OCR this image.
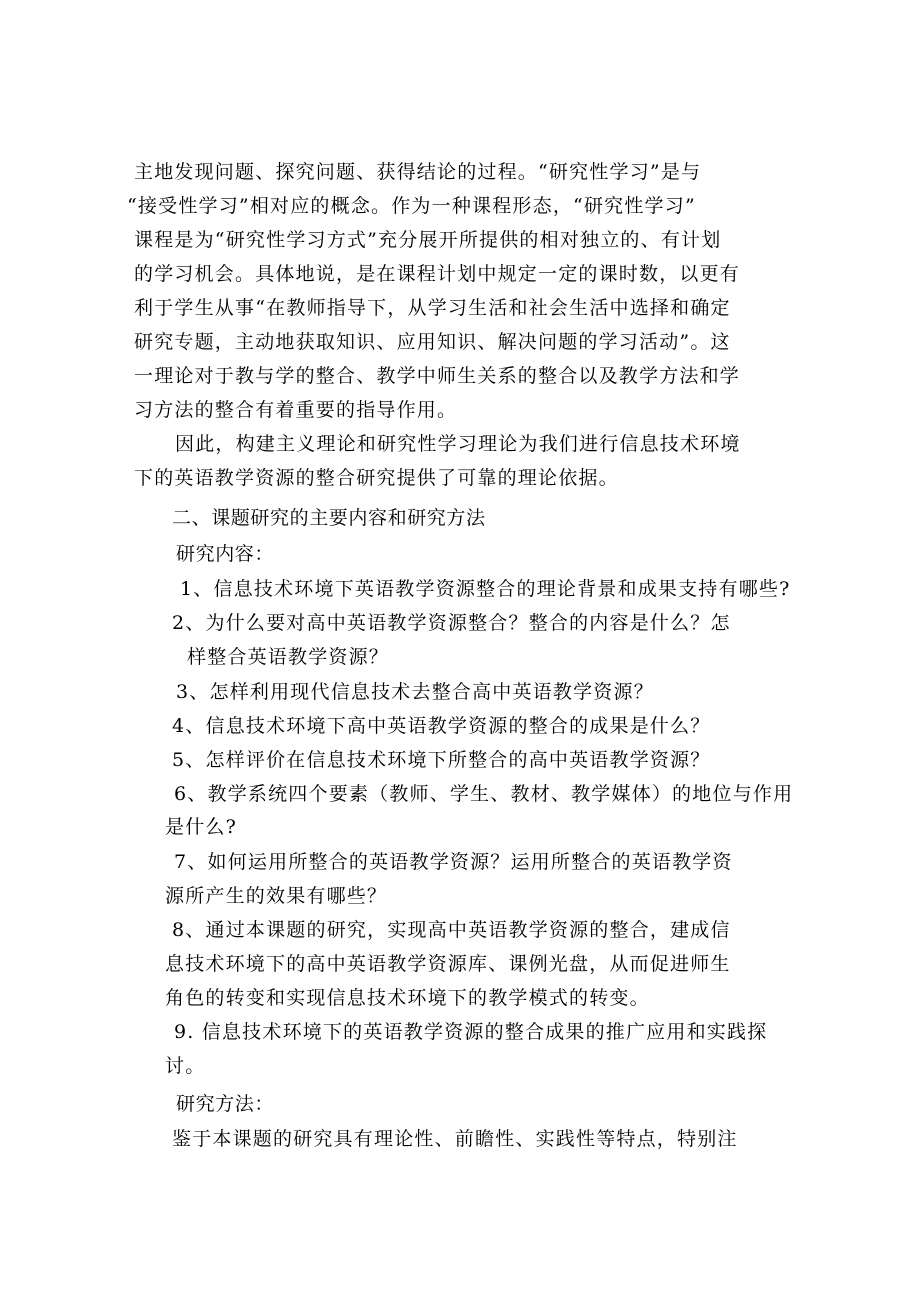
主地发现问题、探究问题、获得结论的过程。“研究性学习”是与
“接受性学习”相对应的概念。作为一种课程形态，“研究性学习”
课程是为“研究性学习方式”充分展开所提供的相对独立的、有计划
的学习机会。具体地说，是在课程计划中规定一定的课时数，以更有
利于学生从事“在教师指导下，从学习生活和社会生活中选择和确定
研究专题，主动地获取知识、应用知识、解决问题的学习活动”。这
一理论对于教与学的整合、教学中师生关系的整合以及教学方法和学
习方法的整合有着重要的指导作用。
因此，构建主义理论和研究性学习理论为我们进行信息技术环境
下的英语教学资源的整合研究提供了可靠的理论依据。
二、课题研究的主要内容和研究方法
研究内容：
1、信息技术环境下英语教学资源整合的理论背景和成果支持有哪些?
2、为什么要对高中英语教学资源整合？整合的内容是什么？怎
样整合英语教学资源？
3、怎样利用现代信息技术去整合高中英语教学资源？
4、信息技术环境下高中英语教学资源的整合的成果是什么？
5、怎样评价在信息技术环境下所整合的高中英语教学资源？
6、教学系统四个要素（教师、学生、教材、教学媒体）的地位与作用
是什么?
7、如何运用所整合的英语教学资源？运用所整合的英语教学资
源所产生的效果有哪些？
8、通过本课题的研究，实现高中英语教学资源的整合，建成信
息技术环境下的高中英语教学资源库、课例光盘，从而促进师生
角色的转变和实现信息技术环境下的教学模式的转变。
9. 信息技术环境下的英语教学资源的整合成果的推广应用和实践探
讨。
研究方法：
鉴于本课题的研究具有理论性、前瞻性、实践性等特点，特别注
